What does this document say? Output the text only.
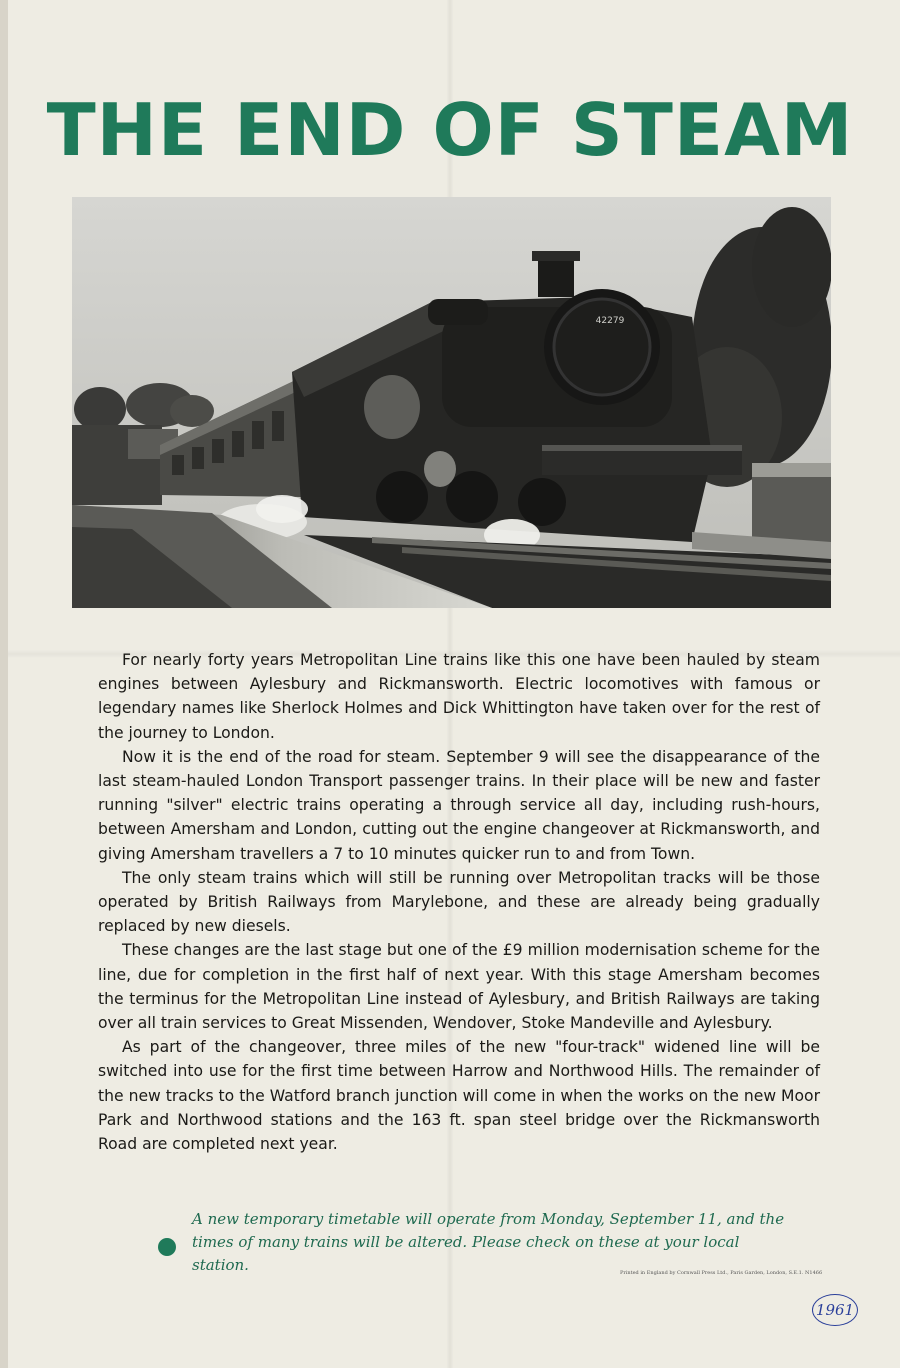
THE END OF STEAM
42279

For nearly forty years Metropolitan Line trains like this one have been hauled by steam engines between Aylesbury and Rickmansworth. Electric locomotives with famous or legendary names like Sherlock Holmes and Dick Whittington have taken over for the rest of the journey to London.

Now it is the end of the road for steam. September 9 will see the disappearance of the last steam-hauled London Transport passenger trains. In their place will be new and faster running "silver" electric trains operating a through service all day, including rush-hours, between Amersham and London, cutting out the engine changeover at Rickmansworth, and giving Amersham travellers a 7 to 10 minutes quicker run to and from Town.

The only steam trains which will still be running over Metropolitan tracks will be those operated by British Railways from Marylebone, and these are already being gradually replaced by new diesels.

These changes are the last stage but one of the £9 million modernisation scheme for the line, due for completion in the first half of next year. With this stage Amersham becomes the terminus for the Metropolitan Line instead of Aylesbury, and British Railways are taking over all train services to Great Missenden, Wendover, Stoke Mandeville and Aylesbury.

As part of the changeover, three miles of the new "four-track" widened line will be switched into use for the first time between Harrow and Northwood Hills. The remainder of the new tracks to the Watford branch junction will come in when the works on the new Moor Park and Northwood stations and the 163 ft. span steel bridge over the Rickmansworth Road are completed next year.

A new temporary timetable will operate from Monday, September 11, and the times of many trains will be altered. Please check on these at your local station.	Printed in England by Cornwall Press Ltd., Paris Garden, London, S.E.1. N1466
1961
